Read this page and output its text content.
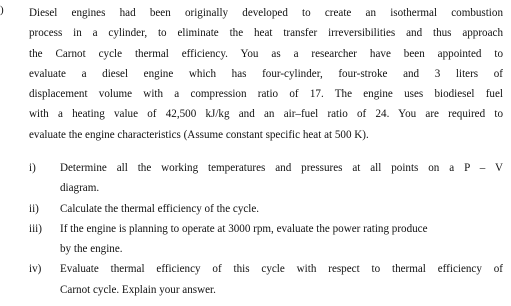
) Diesel engines had been originally developed to create an isothermal combustion
process in a cylinder, to eliminate the heat transfer irreversibilities and thus approach
the Carnot cycle thermal efficiency. You as a researcher have been appointed to
evaluate a diesel engine which has four-cylinder, four-stroke and 3 liters of
displacement volume with a compression ratio of 17. The engine uses biodiesel fuel
with a heating value of 42,500 kJ/kg and an air–fuel ratio of 24. You are required to
evaluate the engine characteristics (Assume constant specific heat at 500 K).
i)	Determine all the working temperatures and pressures at all points on a P – V
diagram.
ii)	Calculate the thermal efficiency of the cycle.
iii)	If the engine is planning to operate at 3000 rpm, evaluate the power rating produce
by the engine.
iv)	Evaluate thermal efficiency of this cycle with respect to thermal efficiency of
Carnot cycle. Explain your answer.
